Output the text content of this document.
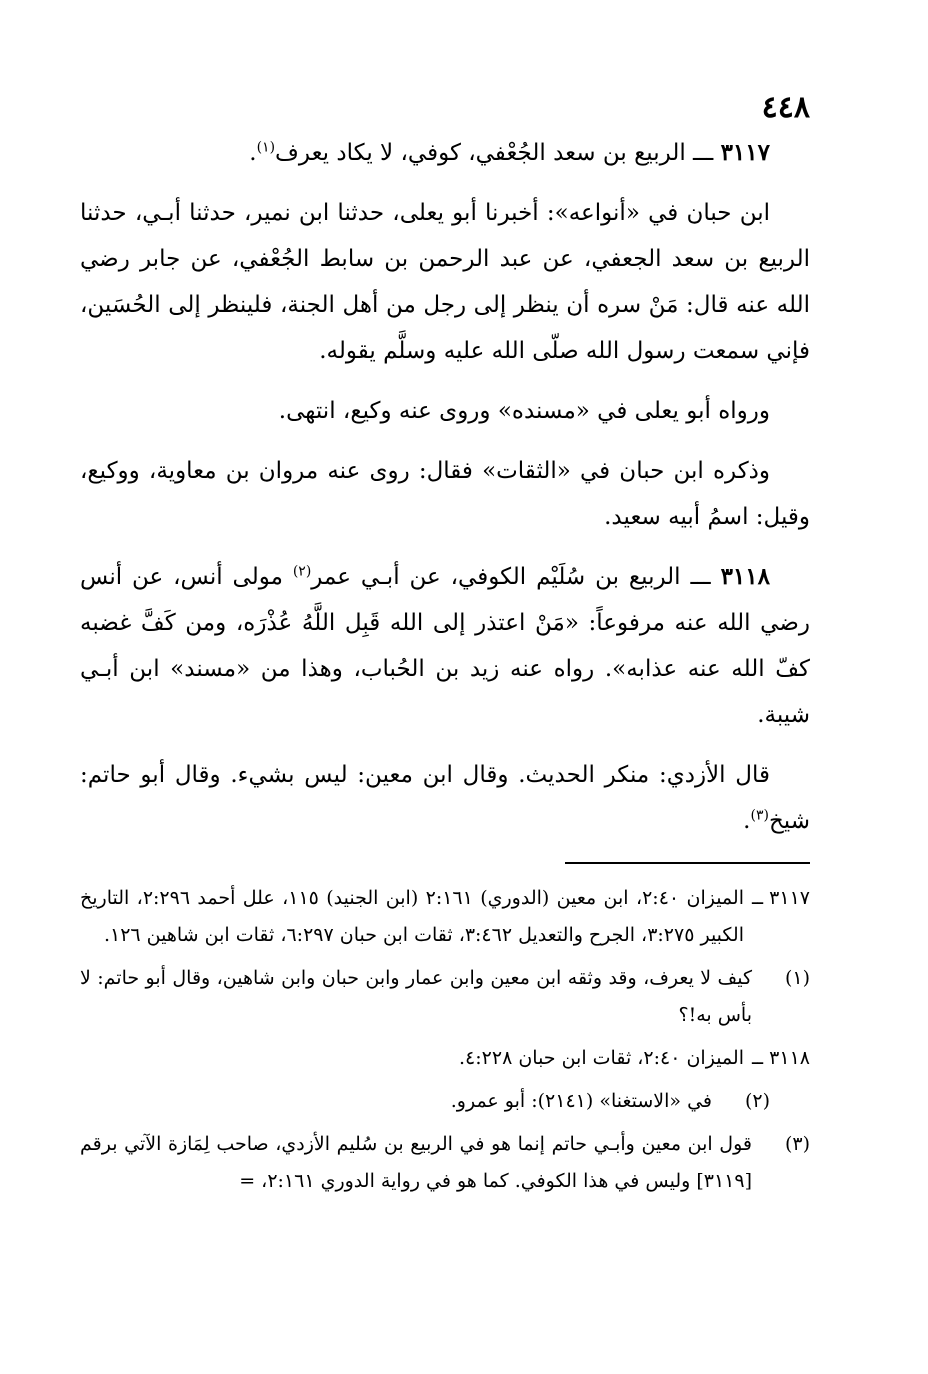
٤٤٨

٣١١٧ ـــ الربيع بن سعد الجُعْفي، كوفي، لا يكاد يعرف$^{(١)}$.

ابن حبان في «أنواعه»: أخبرنا أبو يعلى، حدثنا ابن نمير، حدثنا أبـي، حدثنا الربيع بن سعد الجعفي، عن عبد الرحمن بن سابط الجُعْفي، عن جابر رضي الله عنه قال: مَنْ سره أن ينظر إلى رجل من أهل الجنة، فلينظر إلى الحُسَين، فإني سمعت رسول الله صلّى الله عليه وسلَّم يقوله.

ورواه أبو يعلى في «مسنده» وروى عنه وكيع، انتهى.

وذكره ابن حبان في «الثقات» فقال: روى عنه مروان بن معاوية، ووكيع، وقيل: اسمُ أبيه سعيد.

٣١١٨ ـــ الربيع بن سُلَيْم الكوفي، عن أبـي عمر$^{(٢)}$ مولى أنس، عن أنس رضي الله عنه مرفوعاً: «مَنْ اعتذر إلى الله قَبِل اللَّهُ عُذْرَه، ومن كَفَّ غضبه كفّ الله عنه عذابه». رواه عنه زيد بن الحُباب، وهذا من «مسند» ابن أبـي شيبة.

قال الأزدي: منكر الحديث. وقال ابن معين: ليس بشيء. وقال أبو حاتم: شيخ$^{(٣)}$.

٣١١٧ ــ
الميزان ٢:٤٠، ابن معين (الدوري) ٢:١٦١ (ابن الجنيد) ١١٥، علل أحمد ٢:٢٩٦، التاريخ الكبير ٣:٢٧٥، الجرح والتعديل ٣:٤٦٢، ثقات ابن حبان ٦:٢٩٧، ثقات ابن شاهين ١٢٦.
(١)
كيف لا يعرف، وقد وثقه ابن معين وابن عمار وابن حبان وابن شاهين، وقال أبو حاتم: لا بأس به!؟
٣١١٨ ــ
الميزان ٢:٤٠، ثقات ابن حبان ٤:٢٢٨.
(٢)
في «الاستغنا» (٢١٤١): أبو عمرو.
(٣)
قول ابن معين وأبـي حاتم إنما هو في الربيع بن سُليم الأزدي، صاحب لِمَازة الآتي برقم [٣١١٩] وليس في هذا الكوفي. كما هو في رواية الدوري ٢:١٦١، =
